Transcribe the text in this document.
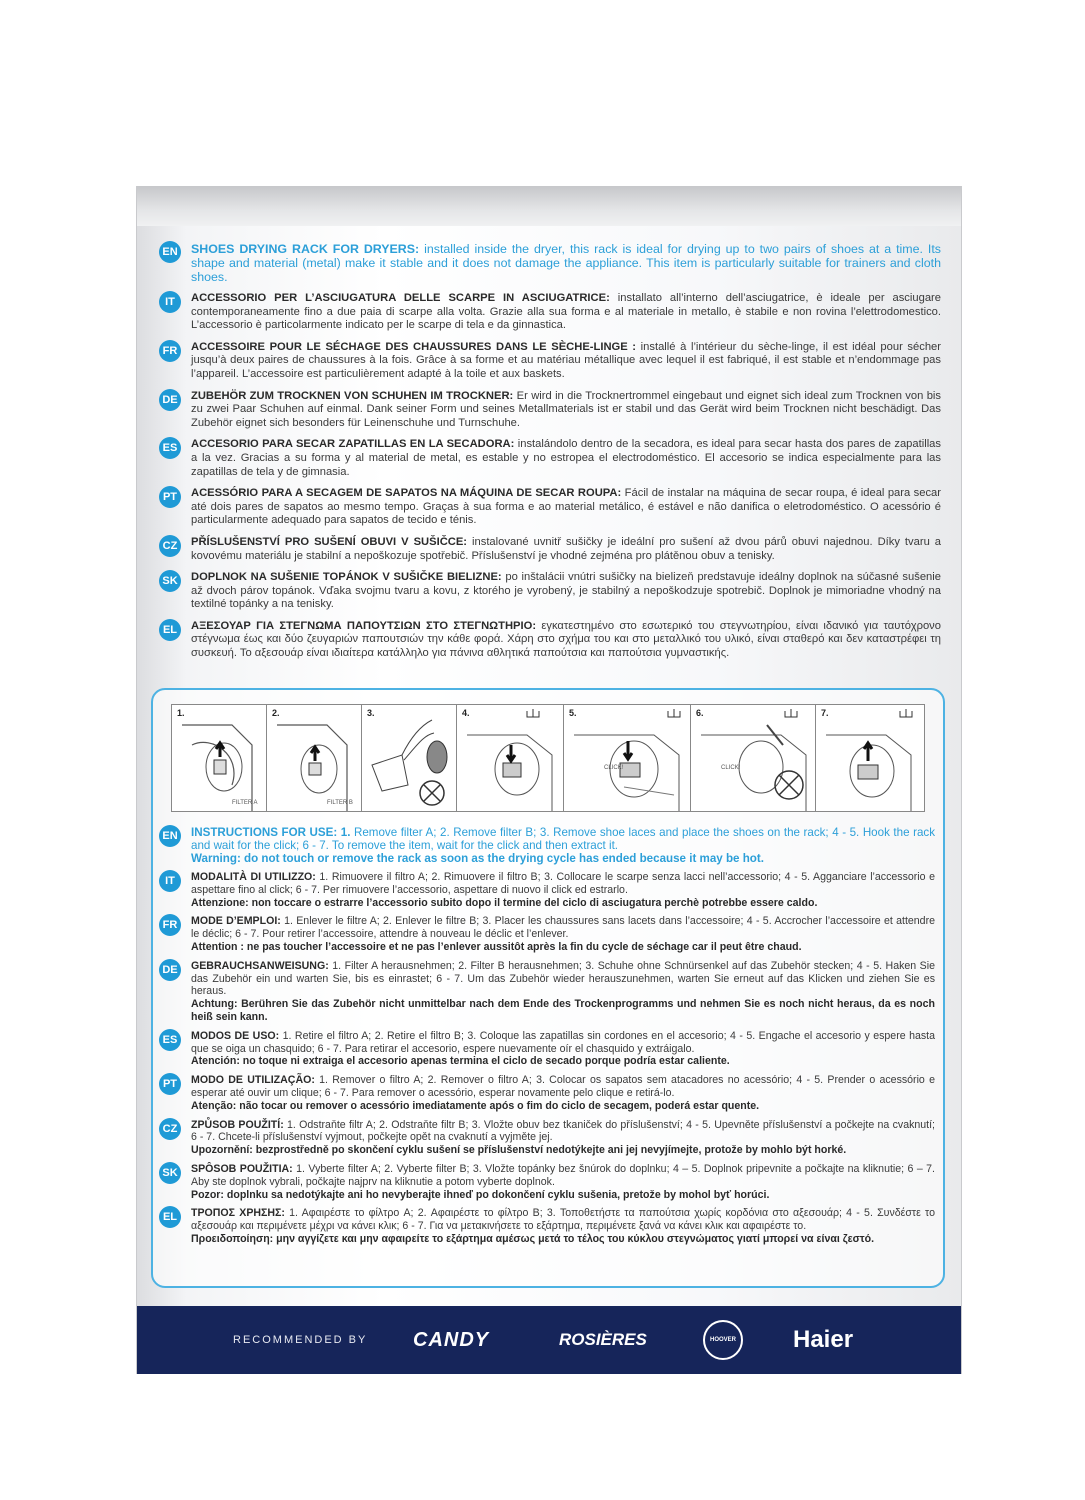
EN SHOES DRYING RACK FOR DRYERS: installed inside the dryer, this rack is ideal for drying up to two pairs of shoes at a time. Its shape and material (metal) make it stable and it does not damage the appliance. This item is particularly suitable for trainers and cloth shoes.
IT	ACCESSORIO PER L’ASCIUGATURA DELLE SCARPE IN ASCIUGATRICE: installato all’interno dell’asciugatrice, è ideale per asciugare contemporaneamente fino a due paia di scarpe alla volta. Grazie alla sua forma e al materiale in metallo, è stabile e non rovina l’elettrodomestico. L’accessorio è particolarmente indicato per le scarpe di tela e da ginnastica.
FR	ACCESSOIRE POUR LE SÉCHAGE DES CHAUSSURES DANS LE SÈCHE-LINGE : installé à l’intérieur du sèche-linge, il est idéal pour sécher jusqu’à deux paires de chaussures à la fois. Grâce à sa forme et au matériau métallique avec lequel il est fabriqué, il est stable et n’endommage pas l’appareil. L’accessoire est particulièrement adapté à la toile et aux baskets.
DE ZUBEHÖR ZUM TROCKNEN VON SCHUHEN IM TROCKNER: Er wird in die Trocknertrommel eingebaut und eignet sich ideal zum Trocknen von bis zu zwei Paar Schuhen auf einmal. Dank seiner Form und seines Metallmaterials ist er stabil und das Gerät wird beim Trocknen nicht beschädigt. Das Zubehör eignet sich besonders für Leinenschuhe und Turnschuhe.
ES	ACCESORIO PARA SECAR ZAPATILLAS EN LA SECADORA: instalándolo dentro de la secadora, es ideal para secar hasta dos pares de zapatillas a la vez. Gracias a su forma y al material de metal, es estable y no estropea el electrodoméstico. El accesorio se indica especialmente para las zapatillas de tela y de gimnasia.
PT	ACESSÓRIO PARA A SECAGEM DE SAPATOS NA MÁQUINA DE SECAR ROUPA: Fácil de instalar na máquina de secar roupa, é ideal para secar até dois pares de sapatos ao mesmo tempo. Graças à sua forma e ao material metálico, é estável e não danifica o eletrodoméstico. O acessório é particularmente adequado para sapatos de tecido e ténis.
CZ	PŘÍSLUŠENSTVÍ PRO SUŠENÍ OBUVI V SUŠIČCE: instalované uvnitř sušičky je ideální pro sušení až dvou párů obuvi najednou. Díky tvaru a kovovému materiálu je stabilní a nepoškozuje spotřebič. Příslušenství je vhodné zejména pro plátěnou obuv a tenisky.
SK DOPLNOK NA SUŠENIE TOPÁNOK V SUŠIČKE BIELIZNE: po inštalácii vnútri sušičky na bielizeň predstavuje ideálny doplnok na súčasné sušenie až dvoch párov topánok. Vďaka svojmu tvaru a kovu, z ktorého je vyrobený, je stabilný a nepoškodzuje spotrebič. Doplnok je mimoriadne vhodný na textilné topánky a na tenisky.
EL	ΑΞΕΣΟΥΑΡ ΓΙΑ ΣΤΕΓΝΩΜΑ ΠΑΠΟΥΤΣΙΩΝ ΣΤΟ ΣΤΕΓΝΩΤΗΡΙΟ: εγκατεστημένο στο εσωτερικό του στεγνωτηρίου, είναι ιδανικό για ταυτόχρονο στέγνωμα έως και δύο ζευγαριών παπουτσιών την κάθε φορά. Χάρη στο σχήμα του και στο μεταλλικό του υλικό, είναι σταθερό και δεν καταστρέφει τη συσκευή. Το αξεσουάρ είναι ιδιαίτερα κατάλληλο για πάνινα αθλητικά παπούτσια και παπούτσια γυμναστικής.
1.
FILTER A
2.
FILTER B
3.	4.	5.
CLICK!
6.
CLICK!
7.
EN INSTRUCTIONS FOR USE: 1. Remove filter A; 2. Remove filter B; 3. Remove shoe laces and place the shoes on the rack; 4 - 5. Hook the rack and wait for the click; 6 - 7. To remove the item, wait for the click and then extract it.
Warning: do not touch or remove the rack as soon as the drying cycle has ended because it may be hot.
IT	MODALITÀ DI UTILIZZO: 1. Rimuovere il filtro A; 2. Rimuovere il filtro B; 3. Collocare le scarpe senza lacci nell’accessorio; 4 - 5. Agganciare l’accessorio e aspettare fino al click; 6 - 7. Per rimuovere l’accessorio, aspettare di nuovo il click ed estrarlo.
Attenzione: non toccare o estrarre l’accessorio subito dopo il termine del ciclo di asciugatura perchè potrebbe essere caldo.
FR	MODE D’EMPLOI: 1. Enlever le filtre A; 2. Enlever le filtre B; 3. Placer les chaussures sans lacets dans l’accessoire; 4 - 5. Accrocher l’accessoire et attendre le déclic; 6 - 7. Pour retirer l’accessoire, attendre à nouveau le déclic et l’enlever.
Attention : ne pas toucher l’accessoire et ne pas l’enlever aussitôt après la fin du cycle de séchage car il peut être chaud.
DE	GEBRAUCHSANWEISUNG: 1. Filter A herausnehmen; 2. Filter B herausnehmen; 3. Schuhe ohne Schnürsenkel auf das Zubehör stecken; 4 - 5. Haken Sie das Zubehör ein und warten Sie, bis es einrastet; 6 - 7. Um das Zubehör wieder herauszunehmen, warten Sie erneut auf das Klicken und ziehen Sie es heraus.
Achtung: Berühren Sie das Zubehör nicht unmittelbar nach dem Ende des Trockenprogramms und nehmen Sie es noch nicht heraus, da es noch heiß sein kann.
ES	MODOS DE USO: 1. Retire el filtro A; 2. Retire el filtro B; 3. Coloque las zapatillas sin cordones en el accesorio; 4 - 5. Engache el accesorio y espere hasta que se oiga un chasquido; 6 - 7. Para retirar el accesorio, espere nuevamente oír el chasquido y extráigalo.
Atención: no toque ni extraiga el accesorio apenas termina el ciclo de secado porque podría estar caliente.
PT	MODO DE UTILIZAÇÃO: 1. Remover o filtro A; 2. Remover o filtro A; 3. Colocar os sapatos sem atacadores no acessório; 4 - 5. Prender o acessório e esperar até ouvir um clique; 6 - 7. Para remover o acessório, esperar novamente pelo clique e retirá-lo.
Atenção: não tocar ou remover o acessório imediatamente após o fim do ciclo de secagem, poderá estar quente.
CZ	ZPŮSOB POUŽITÍ: 1. Odstraňte filtr A; 2. Odstraňte filtr B; 3. Vložte obuv bez tkaniček do příslušenství; 4 - 5. Upevněte příslušenství a počkejte na cvaknutí; 6 - 7. Chcete-li příslušenství vyjmout, počkejte opět na cvaknutí a vyjměte jej.
Upozornění: bezprostředně po skončení cyklu sušení se příslušenství nedotýkejte ani jej nevyjímejte, protože by mohlo být horké.
SK	SPÔSOB POUŽITIA: 1. Vyberte filter A; 2. Vyberte filter B; 3. Vložte topánky bez šnúrok do doplnku; 4 – 5. Doplnok pripevnite a počkajte na kliknutie; 6 – 7. Aby ste doplnok vybrali, počkajte najprv na kliknutie a potom vyberte doplnok.
Pozor: doplnku sa nedotýkajte ani ho nevyberajte ihneď po dokončení cyklu sušenia, pretože by mohol byť horúci.
EL	ΤΡΟΠΟΣ ΧΡΗΣΗΣ: 1. Αφαιρέστε το φίλτρο A; 2. Αφαιρέστε το φίλτρο B; 3. Τοποθετήστε τα παπούτσια χωρίς κορδόνια στο αξεσουάρ; 4 - 5. Συνδέστε το αξεσουάρ και περιμένετε μέχρι να κάνει κλικ; 6 - 7. Για να μετακινήσετε το εξάρτημα, περιμένετε ξανά να κάνει κλικ και αφαιρέστε το.
Προειδοποίηση: μην αγγίζετε και μην αφαιρείτε το εξάρτημα αμέσως μετά το τέλος του κύκλου στεγνώματος γιατί μπορεί να είναι ζεστό.
RECOMMENDED BY CANDY	ROSIÈRES	HOOVER Haier
